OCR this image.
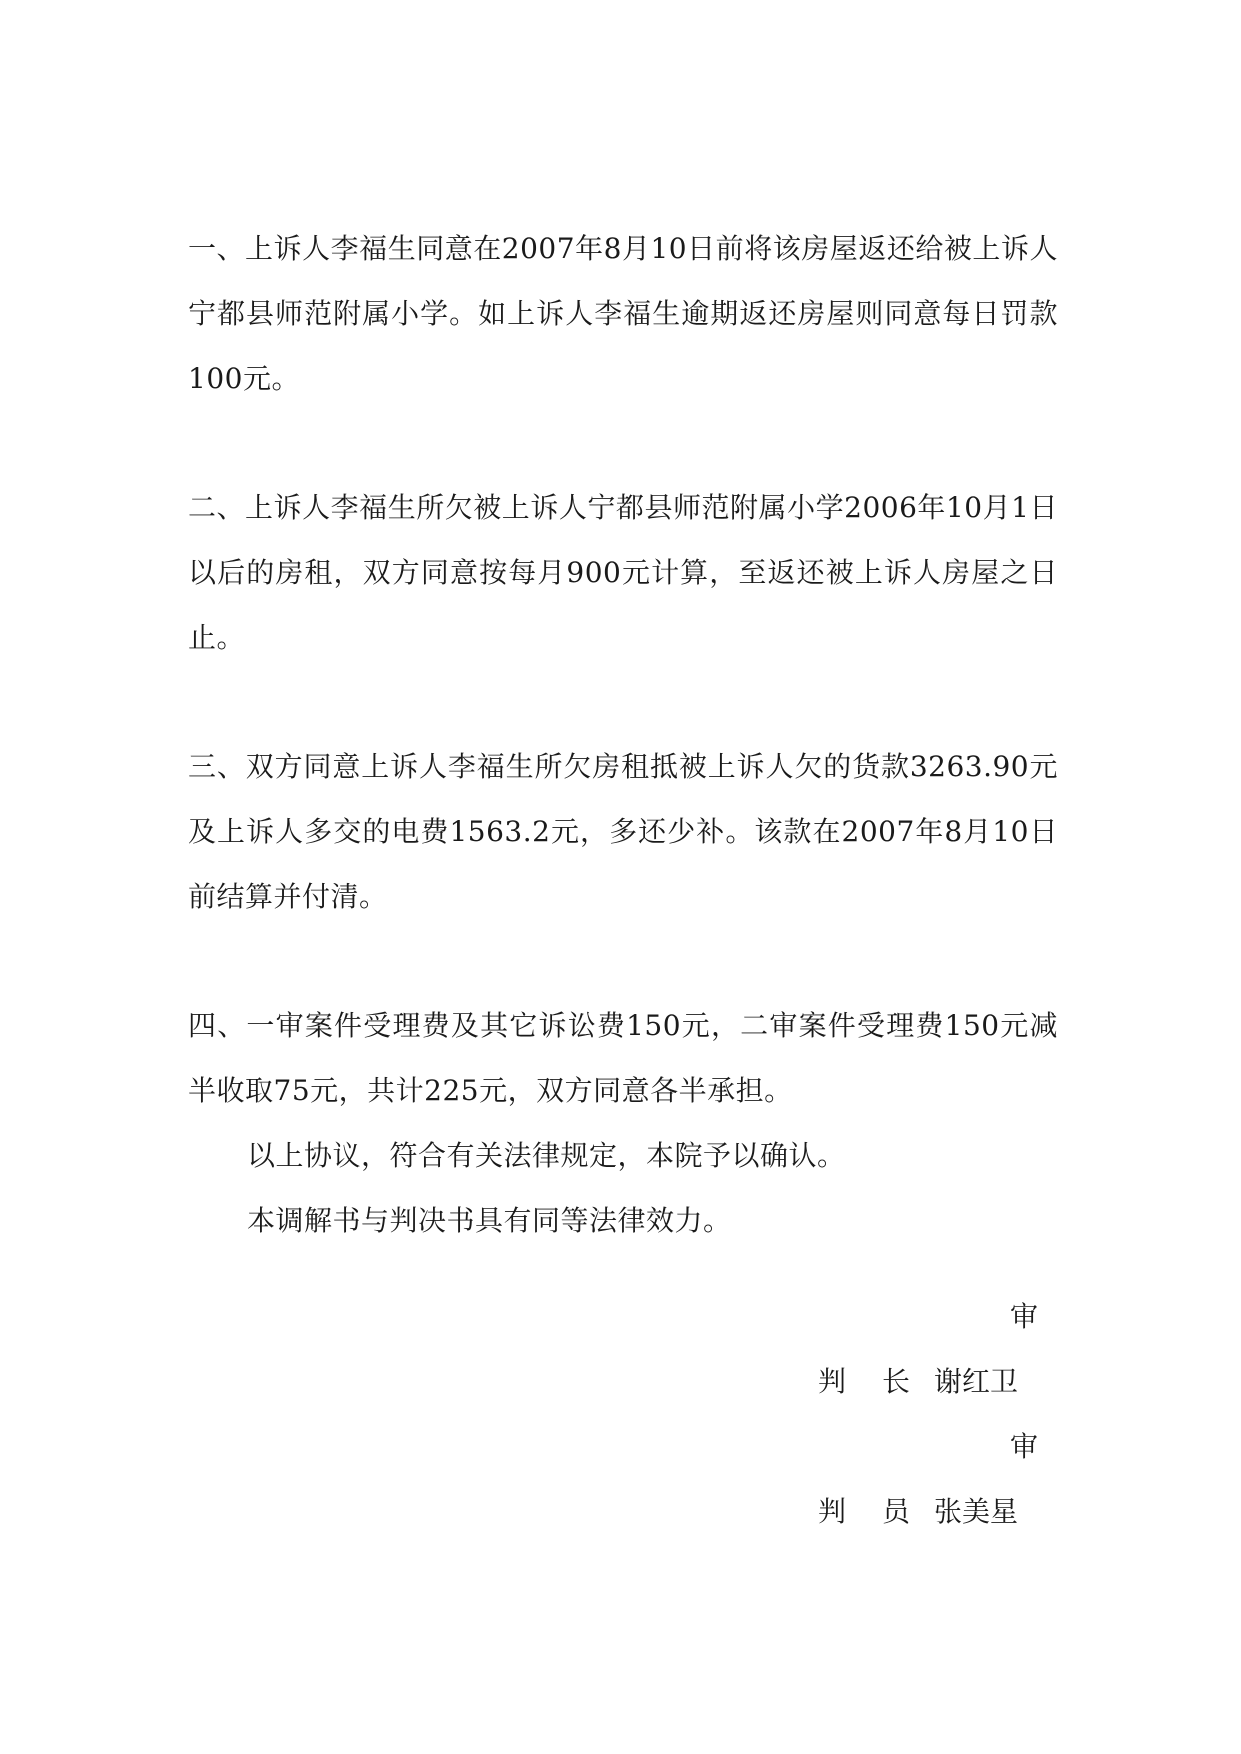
一、上诉人李福生同意在2007年8月10日前将该房屋返还给被上诉人宁都县师范附属小学。如上诉人李福生逾期返还房屋则同意每日罚款100元。

二、上诉人李福生所欠被上诉人宁都县师范附属小学2006年10月1日以后的房租，双方同意按每月900元计算，至返还被上诉人房屋之日止。

三、双方同意上诉人李福生所欠房租抵被上诉人欠的货款3263.90元及上诉人多交的电费1563.2元，多还少补。该款在2007年8月10日前结算并付清。

四、一审案件受理费及其它诉讼费150元，二审案件受理费150元减半收取75元，共计225元，双方同意各半承担。

以上协议，符合有关法律规定，本院予以确认。

本调解书与判决书具有同等法律效力。

审
判 长 谢红卫
审
判 员 张美星
